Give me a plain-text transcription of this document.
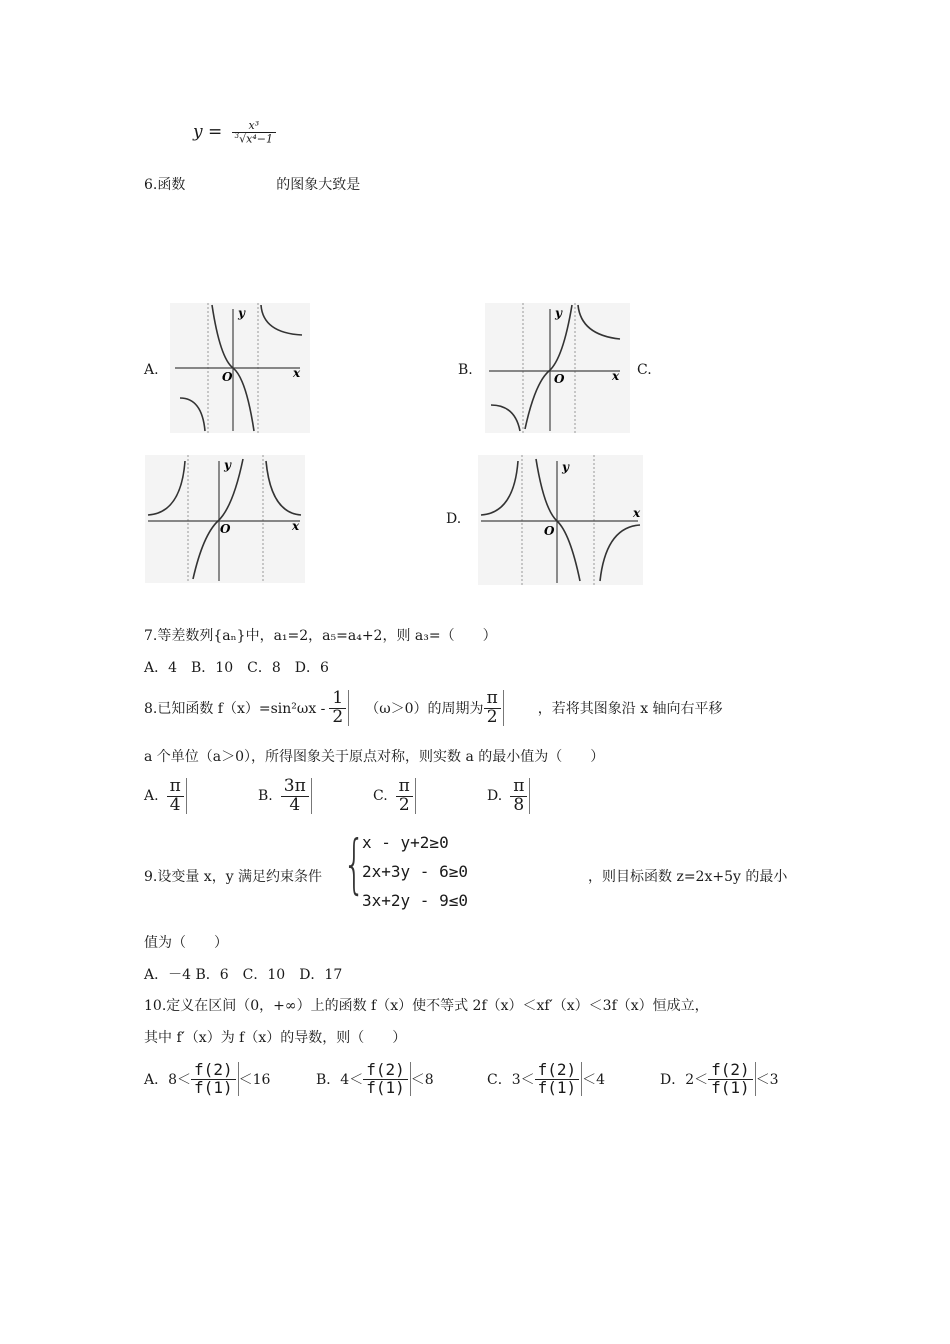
$y = \frac{\text{x³}}{^3√x^4-1}$
6.函数	的图象大致是
A.	B.	C.
D.
y
O	x
y
O	x
y
O	x
y
O
x
7.等差数列{aₙ}中，a₁=2，a₅=a₄+2，则 a₃=（　　）
A．4　B．10　C．8　D．6
8.已知函数 $f(x)=\sin^2\omega x - \frac{1}{2} (\omega>0)$的周期为 $\frac{\pi}{2}$ ，若将其图象沿 x 轴向右平移
a 个单位（a＞0），所得图象关于原点对称，则实数 a 的最小值为（　　）
A. $\frac{\pi}{4}$	B. $\frac{3\pi}{4}$	C. $\frac{\pi}{2}$	D. $\frac{\pi}{8}$
9.设变量 x，y 满足约束条件 {
x - y+2≥0
2x+3y - 6≥0
3x+2y - 9≤0
，则目标函数 z=2x+5y 的最小
值为（　　）
A．－4 B．6　C．10　D．17
10.定义在区间（0，+∞）上的函数 f（x）使不等式 2f（x）＜xf′（x）＜3f（x）恒成立，
其中 f′（x）为 f（x）的导数，则（　　）
A． $8< \frac{f(2)}{f(1)} <16$	B． $4< \frac{f(2)}{f(1)} <8$	C． $3< \frac{f(2)}{f(1)} <4$	D． $2< \frac{f(2)}{f(1)} <3$
